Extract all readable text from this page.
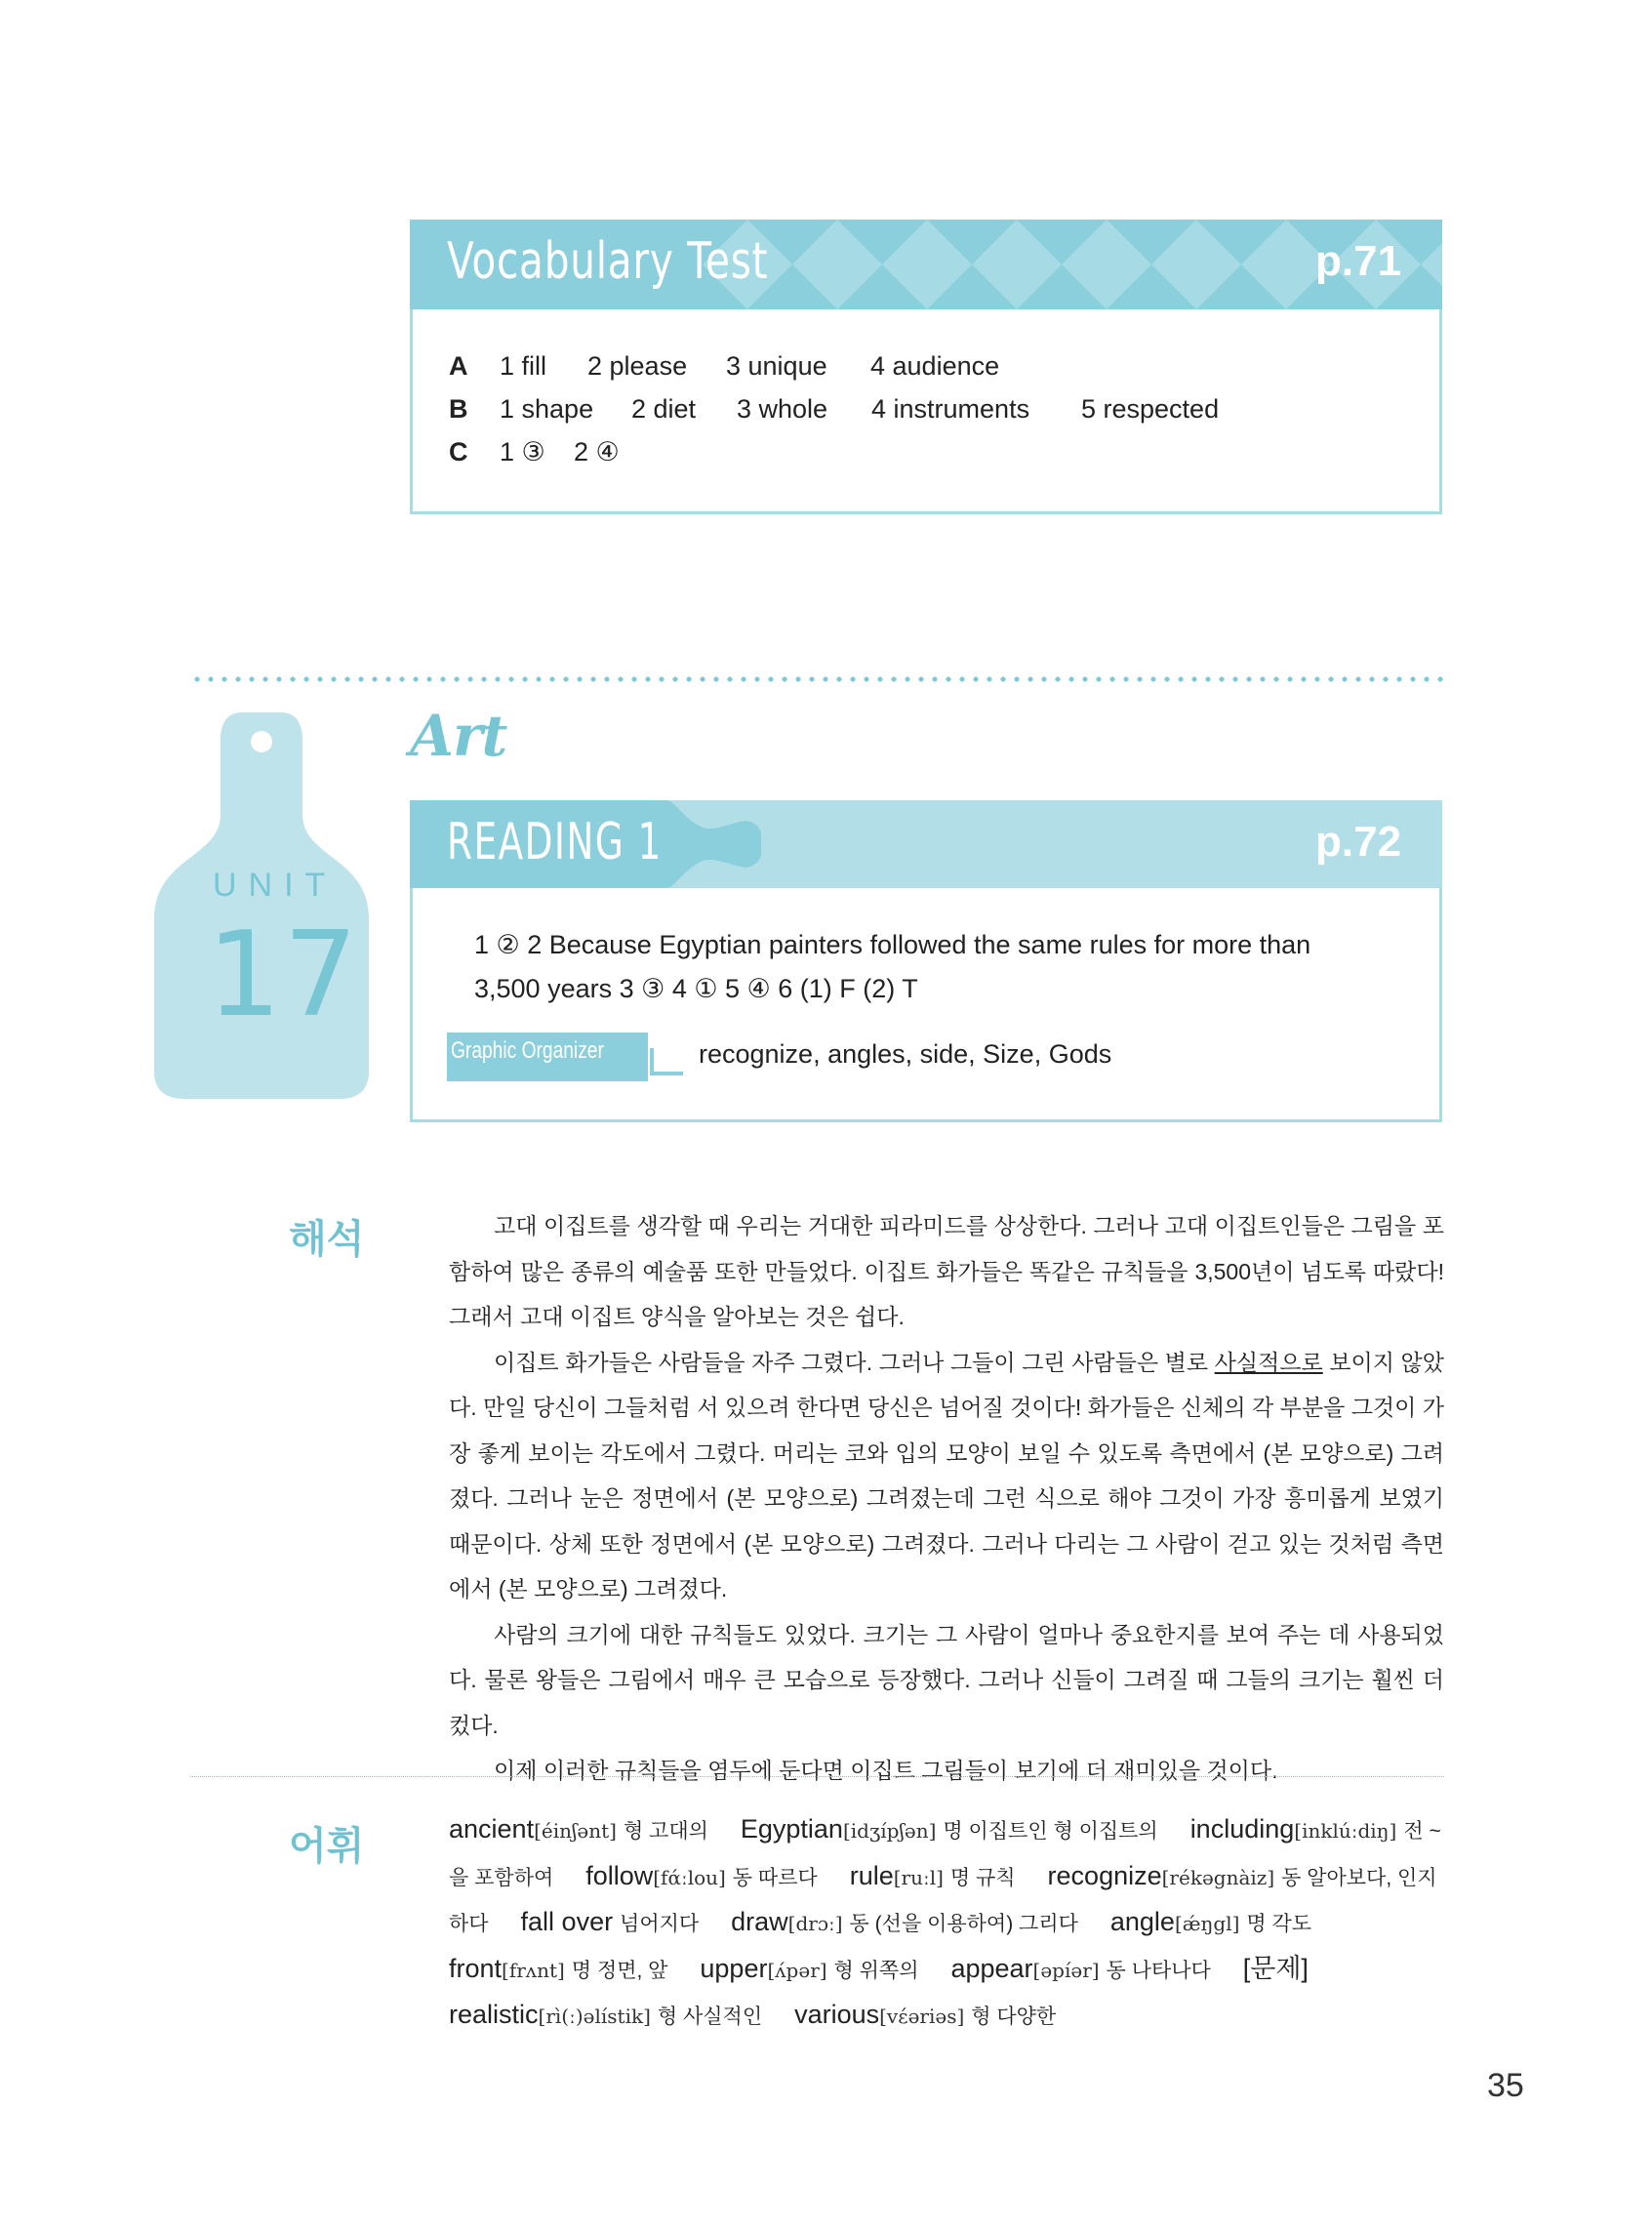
Vocabulary Test	p.71
A 1 fill 2 please 3 unique 4 audience
B 1 shape 2 diet 3 whole 4 instruments 5 respected
C 1 ③ 2 ④
UNIT
17
Art
READING 1	p.72
1 ② 2 Because Egyptian painters followed the same rules for more than
3,500 years 3 ③ 4 ① 5 ④ 6 (1) F (2) T
Graphic Organizer	recognize, angles, side, Size, Gods
해석	고대 이집트를 생각할 때 우리는 거대한 피라미드를 상상한다. 그러나 고대 이집트인들은 그림을 포함하여 많은 종류의 예술품 또한 만들었다. 이집트 화가들은 똑같은 규칙들을 3,500년이 넘도록 따랐다! 그래서 고대 이집트 양식을 알아보는 것은 쉽다.

이집트 화가들은 사람들을 자주 그렸다. 그러나 그들이 그린 사람들은 별로 사실적으로 보이지 않았다. 만일 당신이 그들처럼 서 있으려 한다면 당신은 넘어질 것이다! 화가들은 신체의 각 부분을 그것이 가장 좋게 보이는 각도에서 그렸다. 머리는 코와 입의 모양이 보일 수 있도록 측면에서 (본 모양으로) 그려졌다. 그러나 눈은 정면에서 (본 모양으로) 그려졌는데 그런 식으로 해야 그것이 가장 흥미롭게 보였기 때문이다. 상체 또한 정면에서 (본 모양으로) 그려졌다. 그러나 다리는 그 사람이 걷고 있는 것처럼 측면에서 (본 모양으로) 그려졌다.

사람의 크기에 대한 규칙들도 있었다. 크기는 그 사람이 얼마나 중요한지를 보여 주는 데 사용되었다. 물론 왕들은 그림에서 매우 큰 모습으로 등장했다. 그러나 신들이 그려질 때 그들의 크기는 훨씬 더 컸다.

이제 이러한 규칙들을 염두에 둔다면 이집트 그림들이 보기에 더 재미있을 것이다.

어휘	ancient[éinʃənt] 형 고대의 Egyptian[idʒípʃən] 명 이집트인 형 이집트의 including[inklúːdiŋ] 전 ~을 포함하여 follow[fάːlou] 동 따르다 rule[ruːl] 명 규칙 recognize[rékəgnàiz] 동 알아보다, 인지하다 fall over 넘어지다 draw[drɔː] 동 (선을 이용하여) 그리다 angle[ǽŋgl] 명 각도 front[frʌnt] 명 정면, 앞 upper[ʌ́pər] 형 위쪽의 appear[əpíər] 동 나타나다 [문제] realistic[rì(ː)əlístik] 형 사실적인 various[vέəriəs] 형 다양한
35
